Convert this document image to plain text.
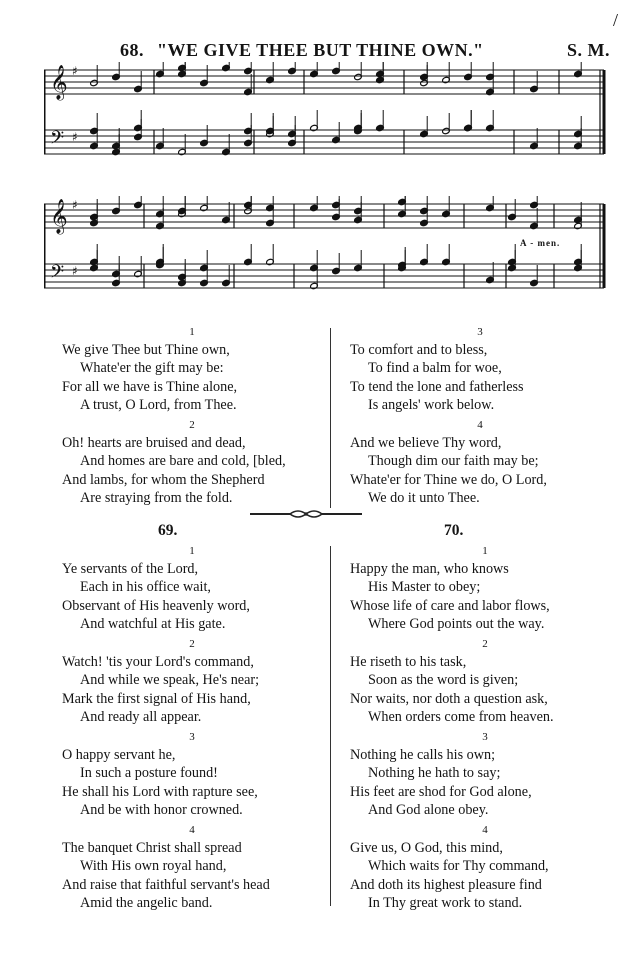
/
68. "WE GIVE THEE BUT THINE OWN."	S. M.
𝄞 ♯
𝄢 ♯
𝄞 ♯
𝄢 ♯
A - men.
1
We give Thee but Thine own,
Whate'er the gift may be:
For all we have is Thine alone,
A trust, O Lord, from Thee.
2
Oh! hearts are bruised and dead,
And homes are bare and cold, [bled,
And lambs, for whom the Shepherd
Are straying from the fold.
3
To comfort and to bless,
To find a balm for woe,
To tend the lone and fatherless
Is angels' work below.
4
And we believe Thy word,
Though dim our faith may be;
Whate'er for Thine we do, O Lord,
We do it unto Thee.
69.	70.
1
Ye servants of the Lord,
Each in his office wait,
Observant of His heavenly word,
And watchful at His gate.
2
Watch! 'tis your Lord's command,
And while we speak, He's near;
Mark the first signal of His hand,
And ready all appear.
3
O happy servant he,
In such a posture found!
He shall his Lord with rapture see,
And be with honor crowned.
4
The banquet Christ shall spread
With His own royal hand,
And raise that faithful servant's head
Amid the angelic band.
1
Happy the man, who knows
His Master to obey;
Whose life of care and labor flows,
Where God points out the way.
2
He riseth to his task,
Soon as the word is given;
Nor waits, nor doth a question ask,
When orders come from heaven.
3
Nothing he calls his own;
Nothing he hath to say;
His feet are shod for God alone,
And God alone obey.
4
Give us, O God, this mind,
Which waits for Thy command,
And doth its highest pleasure find
In Thy great work to stand.
